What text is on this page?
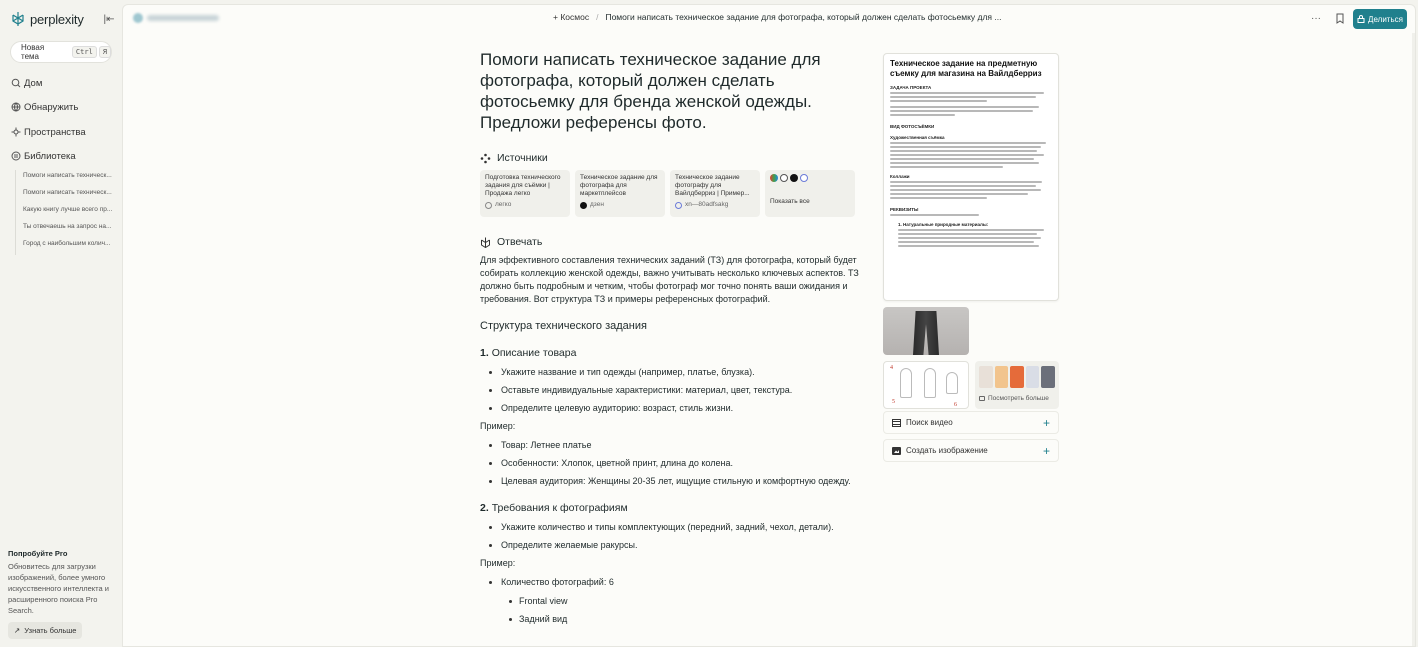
perplexity |⇤
Новая тема	Ctrl	Я
Дом
Обнаружить
Пространства
Библиотека
Помоги написать техническ...
Помоги написать техническ...
Какую книгу лучше всего пр...
Ты отвечаешь на запрос на...
Город с наибольшим колич...
Попробуйте Pro
Обновитесь для загрузки изображений, более умного искусственного интеллекта и расширенного поиска Pro Search.
↗ Узнать больше
+ Космос / Помоги написать техническое задание для фотографа, который должен сделать фотосьемку для ...	···	Делиться
Помоги написать техническое задание для фотографа, который должен сделать фотосьемку для бренда женской одежды. Предложи референсы фото.
Источники
Подготовка технического задания для съёмки | Продажа легко
легко
Техническое задание для фотографа для маркетплейсов
дзен
Техническое задание фотографу для Вайлдберриз | Пример...
xn—80adfsakg	Показать все
Отвечать

Для эффективного составления технических заданий (ТЗ) для фотографа, который будет собирать коллекцию женской одежды, важно учитывать несколько ключевых аспектов. ТЗ должно быть подробным и четким, чтобы фотограф мог точно понять ваши ожидания и требования. Вот структура ТЗ и примеры референсных фотографий.

Структура технического задания
1. Описание товара
Укажите название и тип одежды (например, платье, блузка).
Оставьте индивидуальные характеристики: материал, цвет, текстура.
Определите целевую аудиторию: возраст, стиль жизни.
Пример:
Товар: Летнее платье
Особенности: Хлопок, цветной принт, длина до колена.
Целевая аудитория: Женщины 20-35 лет, ищущие стильную и комфортную одежду.
2. Требования к фотографиям
Укажите количество и типы комплектующих (передний, задний, чехол, детали).
Определите желаемые ракурсы.
Пример:
Количество фотографий: 6
Frontal view
Задний вид
Техническое задание на предметную съемку для магазина на Вайлдберриз
ЗАДАЧА ПРОЕКТА
ВИД ФОТОСЪЁМКИ
Художественная съёмка
Коллажи
РЕКВИЗИТЫ
1. Натуральные природные материалы:
4
5	6
Посмотреть больше
Поиск видео	+
Создать изображение	+
